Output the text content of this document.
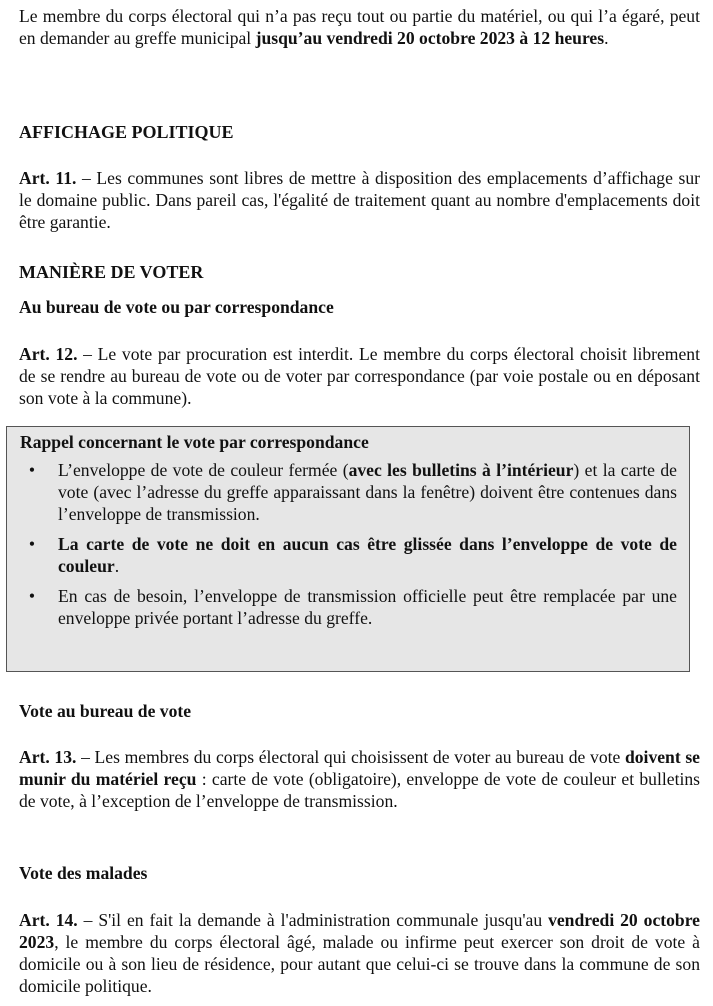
Le membre du corps électoral qui n’a pas reçu tout ou partie du matériel, ou qui l’a égaré, peut en demander au greffe municipal jusqu’au vendredi 20 octobre 2023 à 12 heures.

AFFICHAGE POLITIQUE

Art. 11. – Les communes sont libres de mettre à disposition des emplacements d’affichage sur le domaine public. Dans pareil cas, l'égalité de traitement quant au nombre d'emplacements doit être garantie.

MANIÈRE DE VOTER
Au bureau de vote ou par correspondance

Art. 12. – Le vote par procuration est interdit. Le membre du corps électoral choisit librement de se rendre au bureau de vote ou de voter par correspondance (par voie postale ou en déposant son vote à la commune).

Rappel concernant le vote par correspondance
•	L’enveloppe de vote de couleur fermée (avec les bulletins à l’intérieur) et la carte de vote (avec l’adresse du greffe apparaissant dans la fenêtre) doivent être contenues dans l’enveloppe de transmission.
•	La carte de vote ne doit en aucun cas être glissée dans l’enveloppe de vote de couleur.
•	En cas de besoin, l’enveloppe de transmission officielle peut être remplacée par une enveloppe privée portant l’adresse du greffe.
Vote au bureau de vote

Art. 13. – Les membres du corps électoral qui choisissent de voter au bureau de vote doivent se munir du matériel reçu : carte de vote (obligatoire), enveloppe de vote de couleur et bulletins de vote, à l’exception de l’enveloppe de transmission.

Vote des malades

Art. 14. – S'il en fait la demande à l'administration communale jusqu'au vendredi 20 octobre 2023, le membre du corps électoral âgé, malade ou infirme peut exercer son droit de vote à domicile ou à son lieu de résidence, pour autant que celui-ci se trouve dans la commune de son domicile politique.
